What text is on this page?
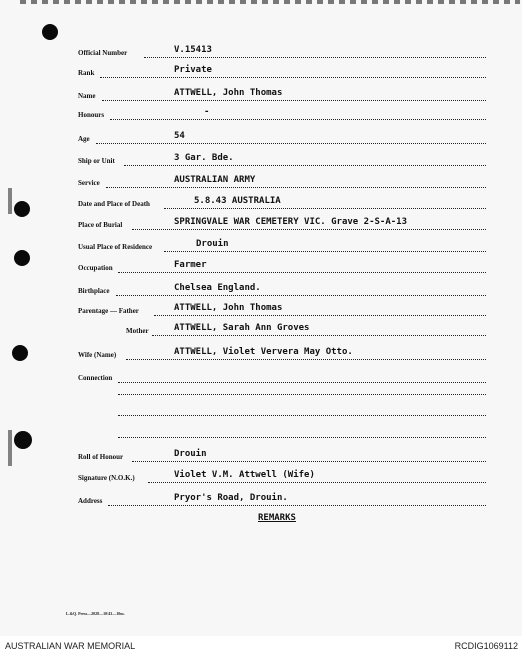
Official Number	V.15413
Rank	Private
Name	ATTWELL, John Thomas
Honours	-
Age	54
Ship or Unit	3 Gar. Bde.
Service	AUSTRALIAN ARMY
Date and Place of Death	5.8.43 AUSTRALIA
Place of Burial	SPRINGVALE WAR CEMETERY VIC. Grave 2-S-A-13
Usual Place of Residence	Drouin
Occupation	Farmer
Birthplace	Chelsea England.
Parentage — Father	ATTWELL, John Thomas
Mother	ATTWELL, Sarah Ann Groves
Wife (Name)	ATTWELL, Violet Ververa May Otto.
Connection
Roll of Honour	Drouin
Signature (N.O.K.)	Violet V.M. Attwell (Wife)
Address	Pryor's Road, Drouin.
REMARKS
L.&Q. Press—2028—10/43—10m.
AUSTRALIAN WAR MEMORIAL	RCDIG1069112
